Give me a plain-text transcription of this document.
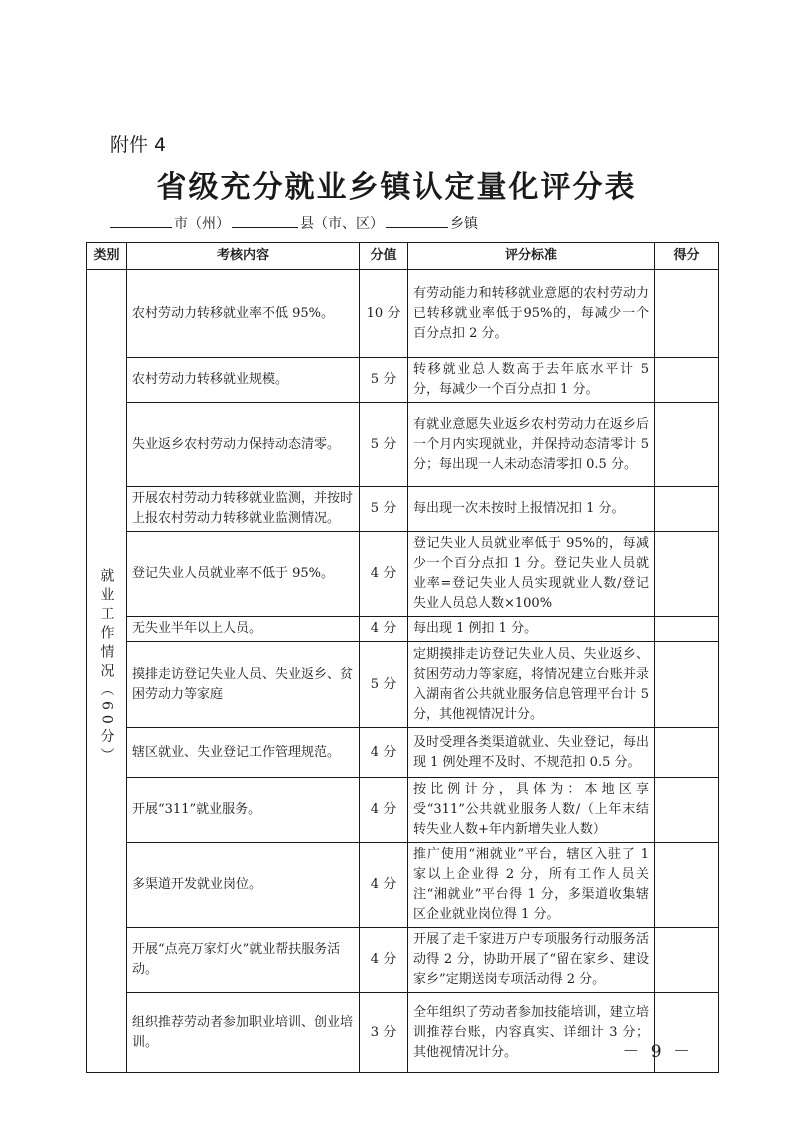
附件 4
省级充分就业乡镇认定量化评分表
市（州）	县（市、区）	乡镇
类别	考核内容	分值	评分标准	得分
就业工作情况（60分）	农村劳动力转移就业率不低 95%。	10 分	有劳动能力和转移就业意愿的农村劳动力已转移就业率低于95%的，每减少一个百分点扣 2 分。	
	农村劳动力转移就业规模。	5 分	转移就业总人数高于去年底水平计 5 分，每减少一个百分点扣 1 分。	
	失业返乡农村劳动力保持动态清零。	5 分	有就业意愿失业返乡农村劳动力在返乡后一个月内实现就业，并保持动态清零计 5 分；每出现一人未动态清零扣 0.5 分。	
	开展农村劳动力转移就业监测，并按时上报农村劳动力转移就业监测情况。	5 分	每出现一次未按时上报情况扣 1 分。	
	登记失业人员就业率不低于 95%。	4 分	登记失业人员就业率低于 95%的，每减少一个百分点扣 1 分。登记失业人员就业率=登记失业人员实现就业人数/登记失业人员总人数×100%	
	无失业半年以上人员。	4 分	每出现 1 例扣 1 分。	
	摸排走访登记失业人员、失业返乡、贫困劳动力等家庭	5 分	定期摸排走访登记失业人员、失业返乡、贫困劳动力等家庭，将情况建立台账并录入湖南省公共就业服务信息管理平台计 5 分，其他视情况计分。	
	辖区就业、失业登记工作管理规范。	4 分	及时受理各类渠道就业、失业登记，每出现 1 例处理不及时、不规范扣 0.5 分。	
	开展“311”就业服务。	4 分	按比例计分，具体为：本地区享受“311”公共就业服务人数/（上年末结转失业人数+年内新增失业人数）	
	多渠道开发就业岗位。	4 分	推广使用“湘就业”平台，辖区入驻了 1 家以上企业得 2 分，所有工作人员关注“湘就业”平台得 1 分，多渠道收集辖区企业就业岗位得 1 分。	
	开展“点亮万家灯火”就业帮扶服务活动。	4 分	开展了走千家进万户专项服务行动服务活动得 2 分，协助开展了“留在家乡、建设家乡”定期送岗专项活动得 2 分。	
	组织推荐劳动者参加职业培训、创业培训。	3 分	全年组织了劳动者参加技能培训，建立培训推荐台账，内容真实、详细计 3 分；其他视情况计分。		－ 9 －
